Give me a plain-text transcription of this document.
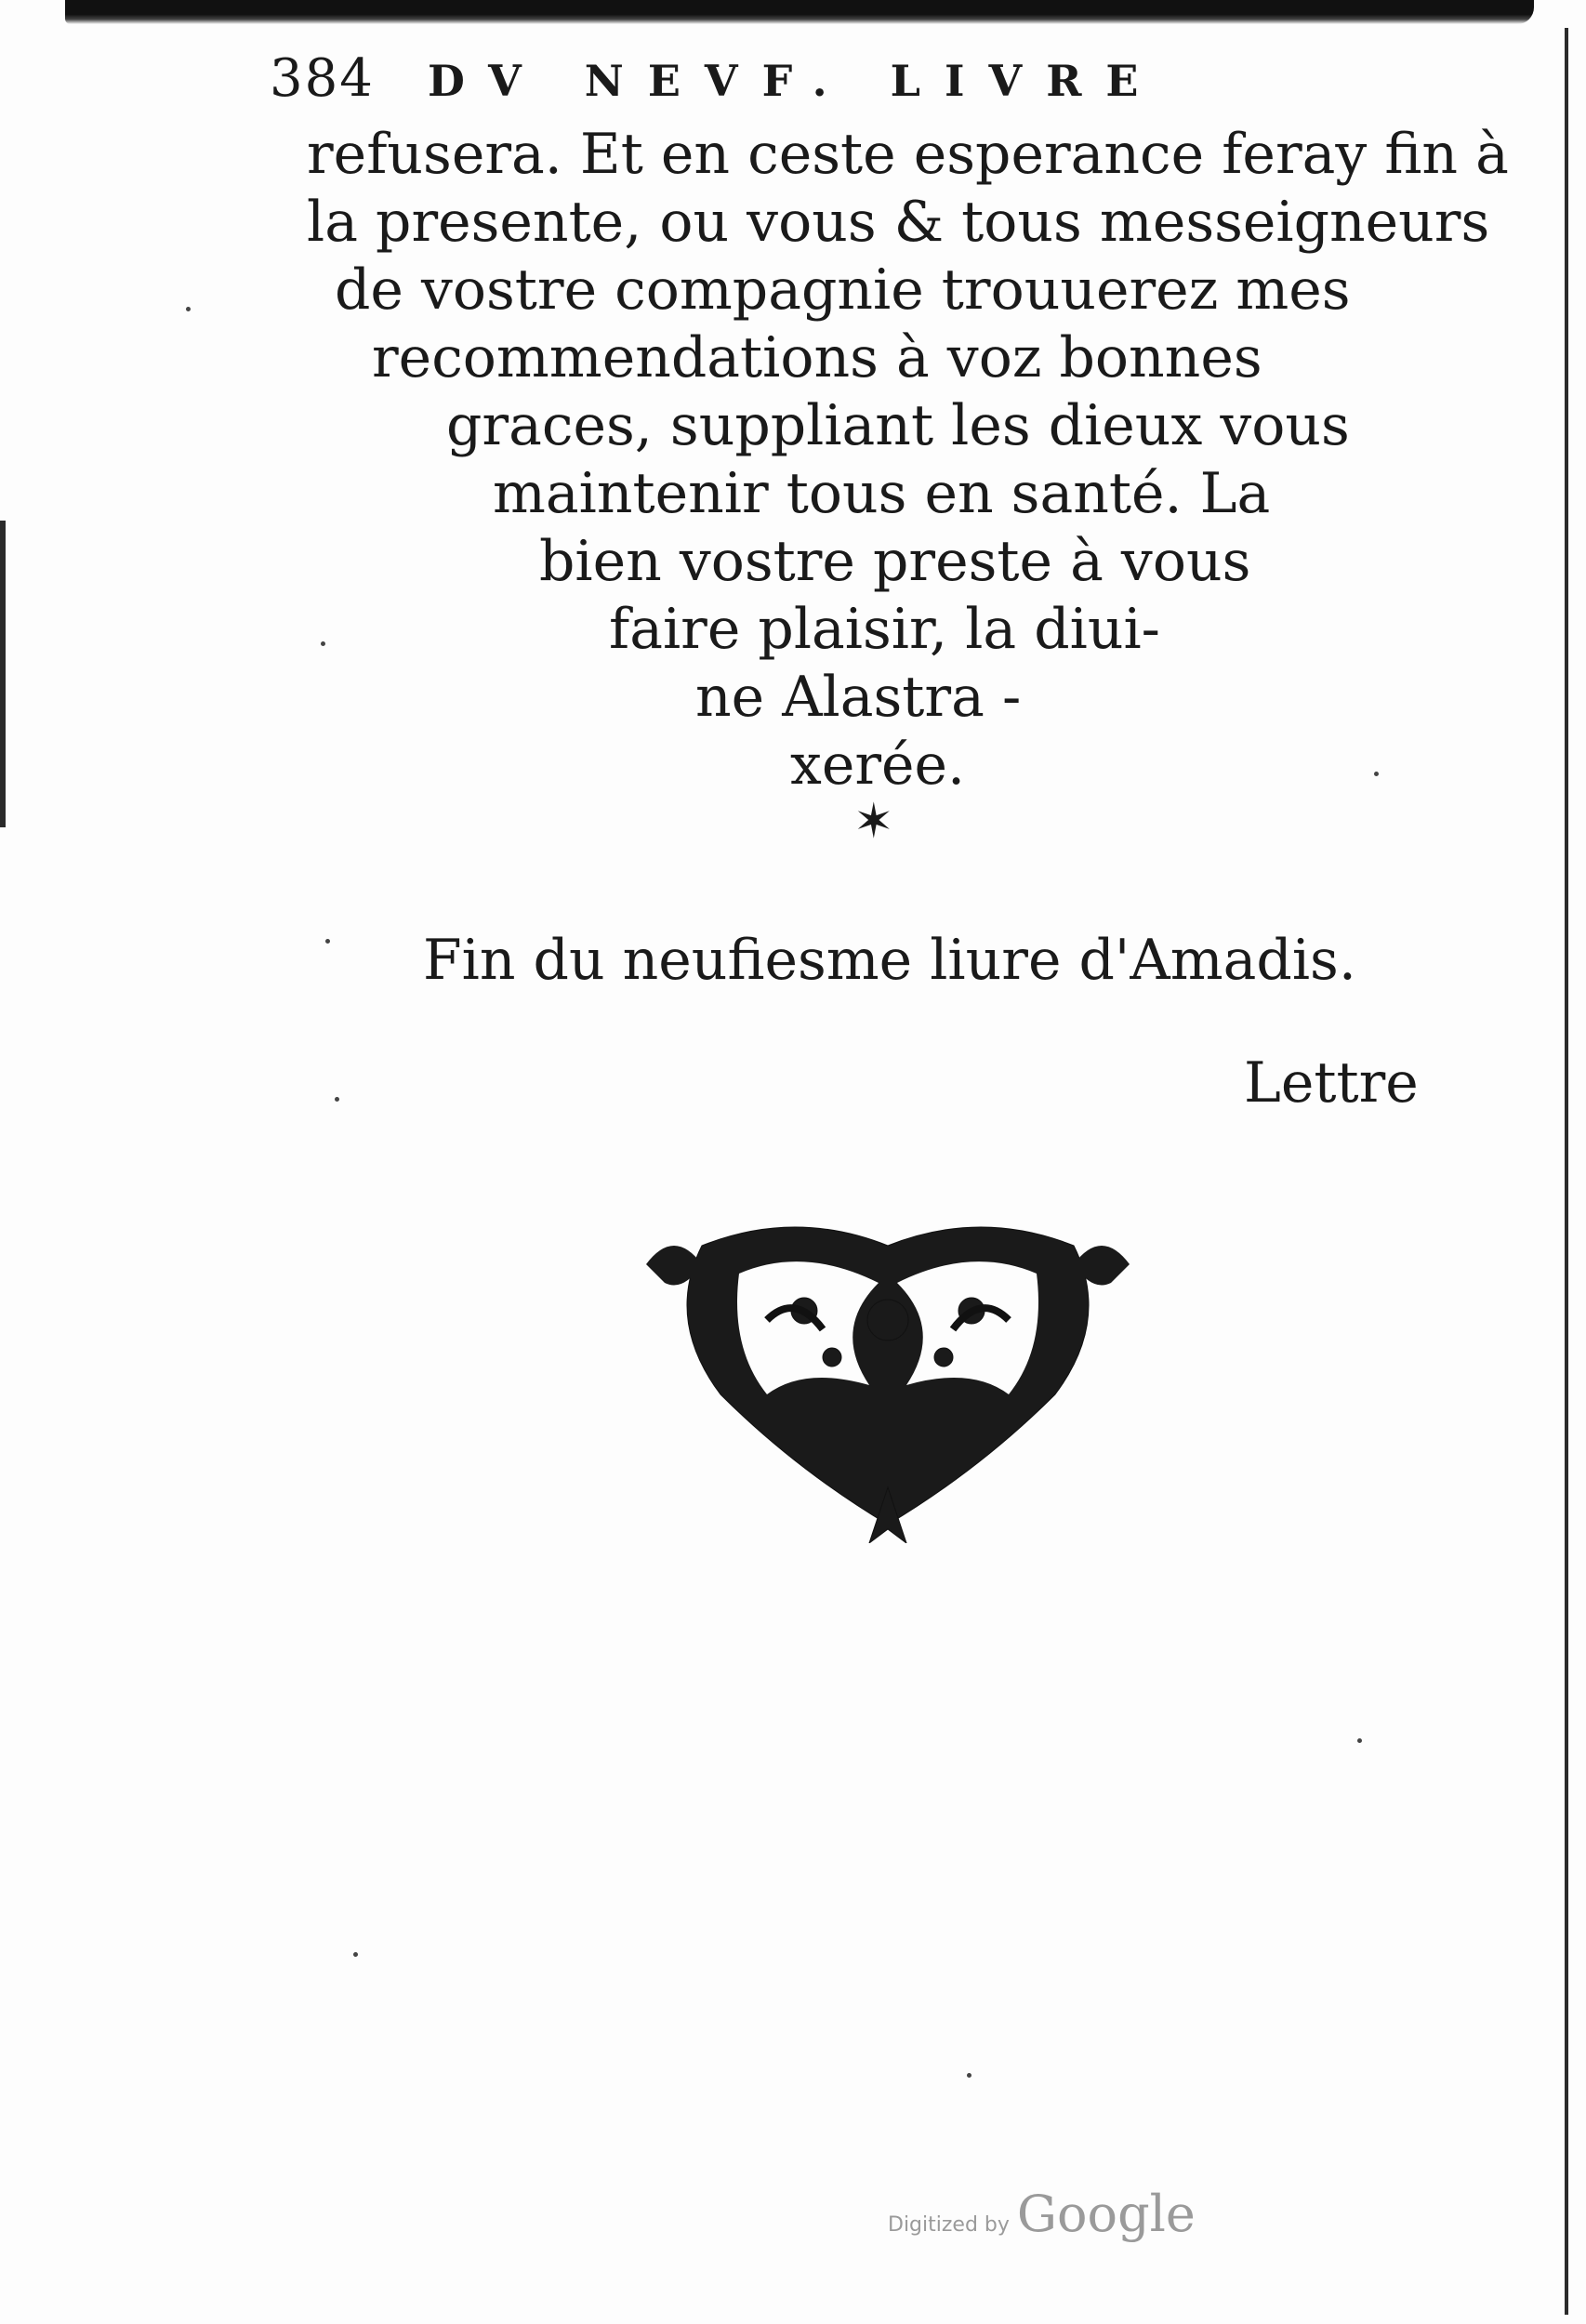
384	DV NEVF. LIVRE
refusera. Et en ceste esperance feray fin à
la presente, ou vous & tous messeigneurs
de vostre compagnie trouuerez mes
recommendations à voz bonnes
graces, suppliant les dieux vous
maintenir tous en santé. La
bien vostre preste à vous
faire plaisir, la diui-
ne Alastra -
xerée.
✶
Fin du neufiesme liure d'Amadis.
Lettre
Digitized by Google
